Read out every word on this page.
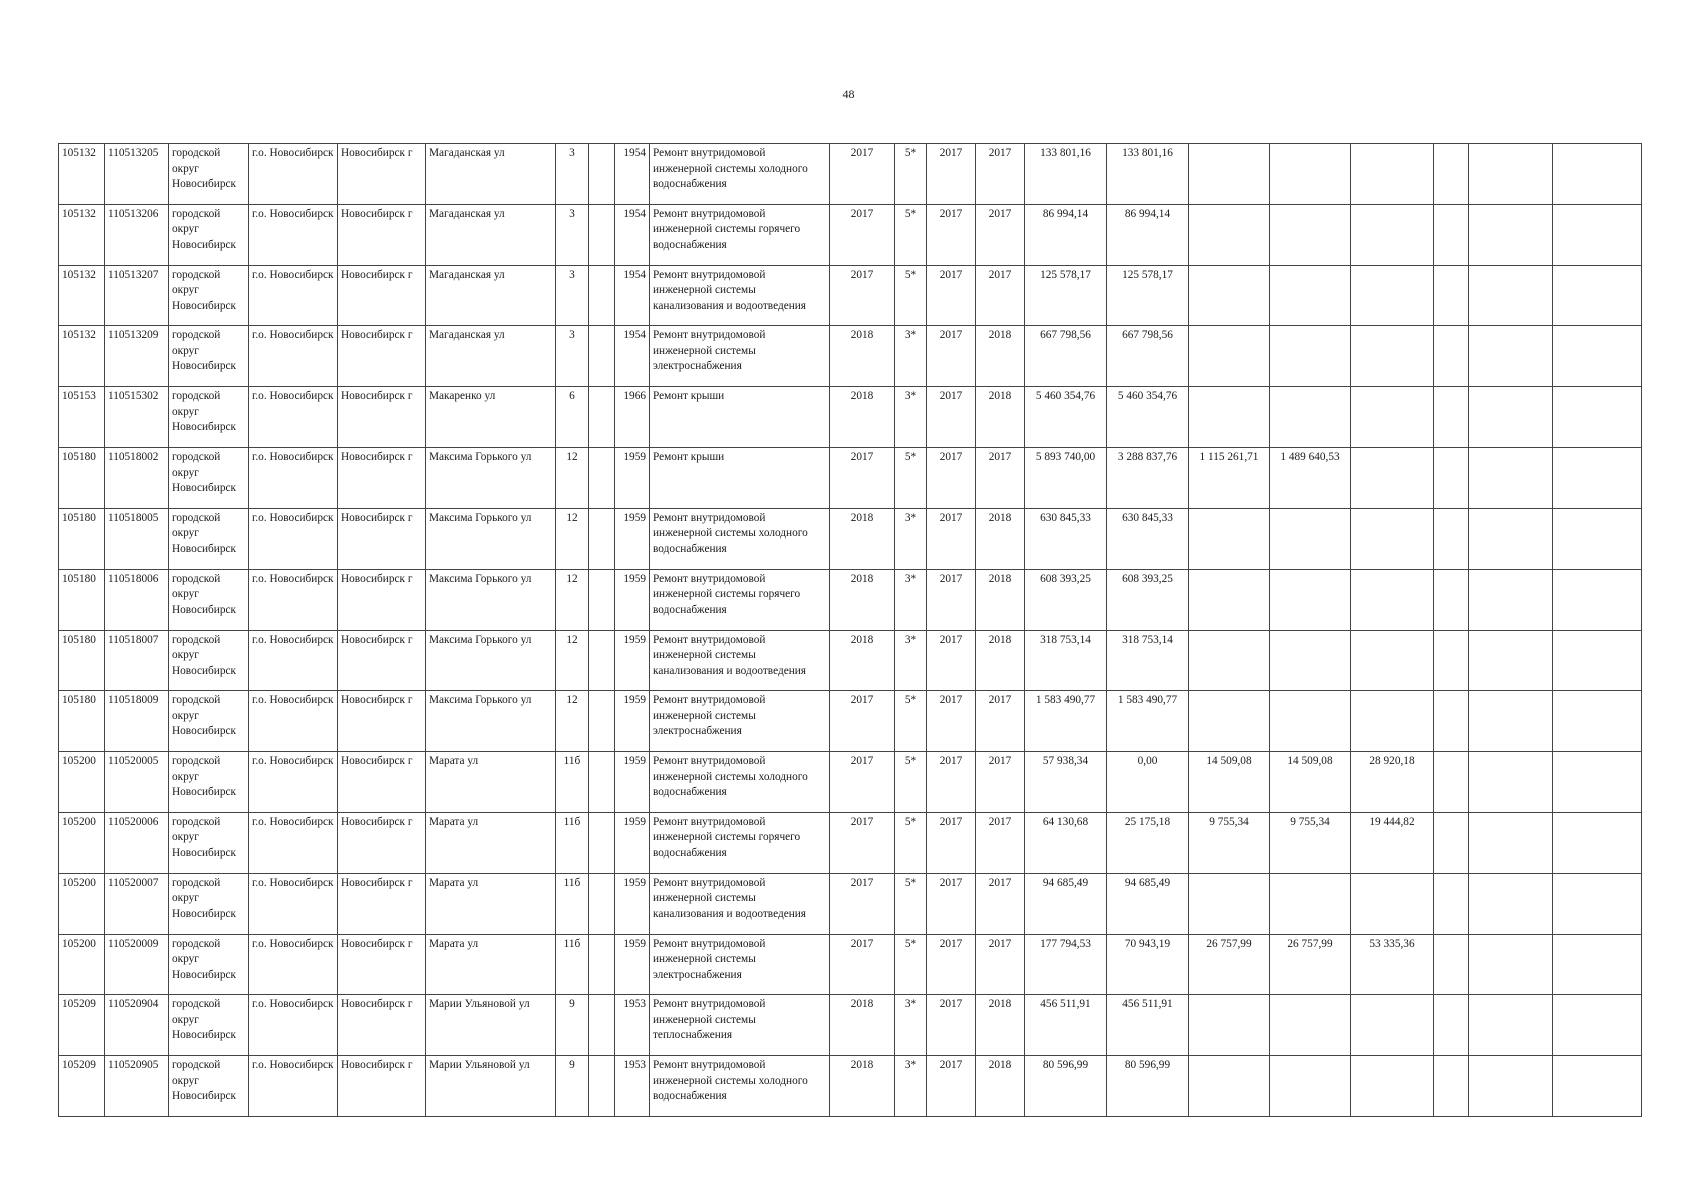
48
105132	110513205	городской округ Новосибирск	г.о. Новосибирск	Новосибирск г	Магаданская ул	3		1954	Ремонт внутридомовой инженерной системы холодного водоснабжения	2017	5*	2017	2017	133 801,16	133 801,16						
105132	110513206	городской округ Новосибирск	г.о. Новосибирск	Новосибирск г	Магаданская ул	3		1954	Ремонт внутридомовой инженерной системы горячего водоснабжения	2017	5*	2017	2017	86 994,14	86 994,14						
105132	110513207	городской округ Новосибирск	г.о. Новосибирск	Новосибирск г	Магаданская ул	3		1954	Ремонт внутридомовой инженерной системы канализования и водоотведения	2017	5*	2017	2017	125 578,17	125 578,17						
105132	110513209	городской округ Новосибирск	г.о. Новосибирск	Новосибирск г	Магаданская ул	3		1954	Ремонт внутридомовой инженерной системы электроснабжения	2018	3*	2017	2018	667 798,56	667 798,56						
105153	110515302	городской округ Новосибирск	г.о. Новосибирск	Новосибирск г	Макаренко ул	6		1966	Ремонт крыши	2018	3*	2017	2018	5 460 354,76	5 460 354,76						
105180	110518002	городской округ Новосибирск	г.о. Новосибирск	Новосибирск г	Максима Горького ул	12		1959	Ремонт крыши	2017	5*	2017	2017	5 893 740,00	3 288 837,76	1 115 261,71	1 489 640,53				
105180	110518005	городской округ Новосибирск	г.о. Новосибирск	Новосибирск г	Максима Горького ул	12		1959	Ремонт внутридомовой инженерной системы холодного водоснабжения	2018	3*	2017	2018	630 845,33	630 845,33						
105180	110518006	городской округ Новосибирск	г.о. Новосибирск	Новосибирск г	Максима Горького ул	12		1959	Ремонт внутридомовой инженерной системы горячего водоснабжения	2018	3*	2017	2018	608 393,25	608 393,25						
105180	110518007	городской округ Новосибирск	г.о. Новосибирск	Новосибирск г	Максима Горького ул	12		1959	Ремонт внутридомовой инженерной системы канализования и водоотведения	2018	3*	2017	2018	318 753,14	318 753,14						
105180	110518009	городской округ Новосибирск	г.о. Новосибирск	Новосибирск г	Максима Горького ул	12		1959	Ремонт внутридомовой инженерной системы электроснабжения	2017	5*	2017	2017	1 583 490,77	1 583 490,77						
105200	110520005	городской округ Новосибирск	г.о. Новосибирск	Новосибирск г	Марата ул	11б		1959	Ремонт внутридомовой инженерной системы холодного водоснабжения	2017	5*	2017	2017	57 938,34	0,00	14 509,08	14 509,08	28 920,18			
105200	110520006	городской округ Новосибирск	г.о. Новосибирск	Новосибирск г	Марата ул	11б		1959	Ремонт внутридомовой инженерной системы горячего водоснабжения	2017	5*	2017	2017	64 130,68	25 175,18	9 755,34	9 755,34	19 444,82			
105200	110520007	городской округ Новосибирск	г.о. Новосибирск	Новосибирск г	Марата ул	11б		1959	Ремонт внутридомовой инженерной системы канализования и водоотведения	2017	5*	2017	2017	94 685,49	94 685,49						
105200	110520009	городской округ Новосибирск	г.о. Новосибирск	Новосибирск г	Марата ул	11б		1959	Ремонт внутридомовой инженерной системы электроснабжения	2017	5*	2017	2017	177 794,53	70 943,19	26 757,99	26 757,99	53 335,36			
105209	110520904	городской округ Новосибирск	г.о. Новосибирск	Новосибирск г	Марии Ульяновой ул	9		1953	Ремонт внутридомовой инженерной системы теплоснабжения	2018	3*	2017	2018	456 511,91	456 511,91						
105209	110520905	городской округ Новосибирск	г.о. Новосибирск	Новосибирск г	Марии Ульяновой ул	9		1953	Ремонт внутридомовой инженерной системы холодного водоснабжения	2018	3*	2017	2018	80 596,99	80 596,99						
